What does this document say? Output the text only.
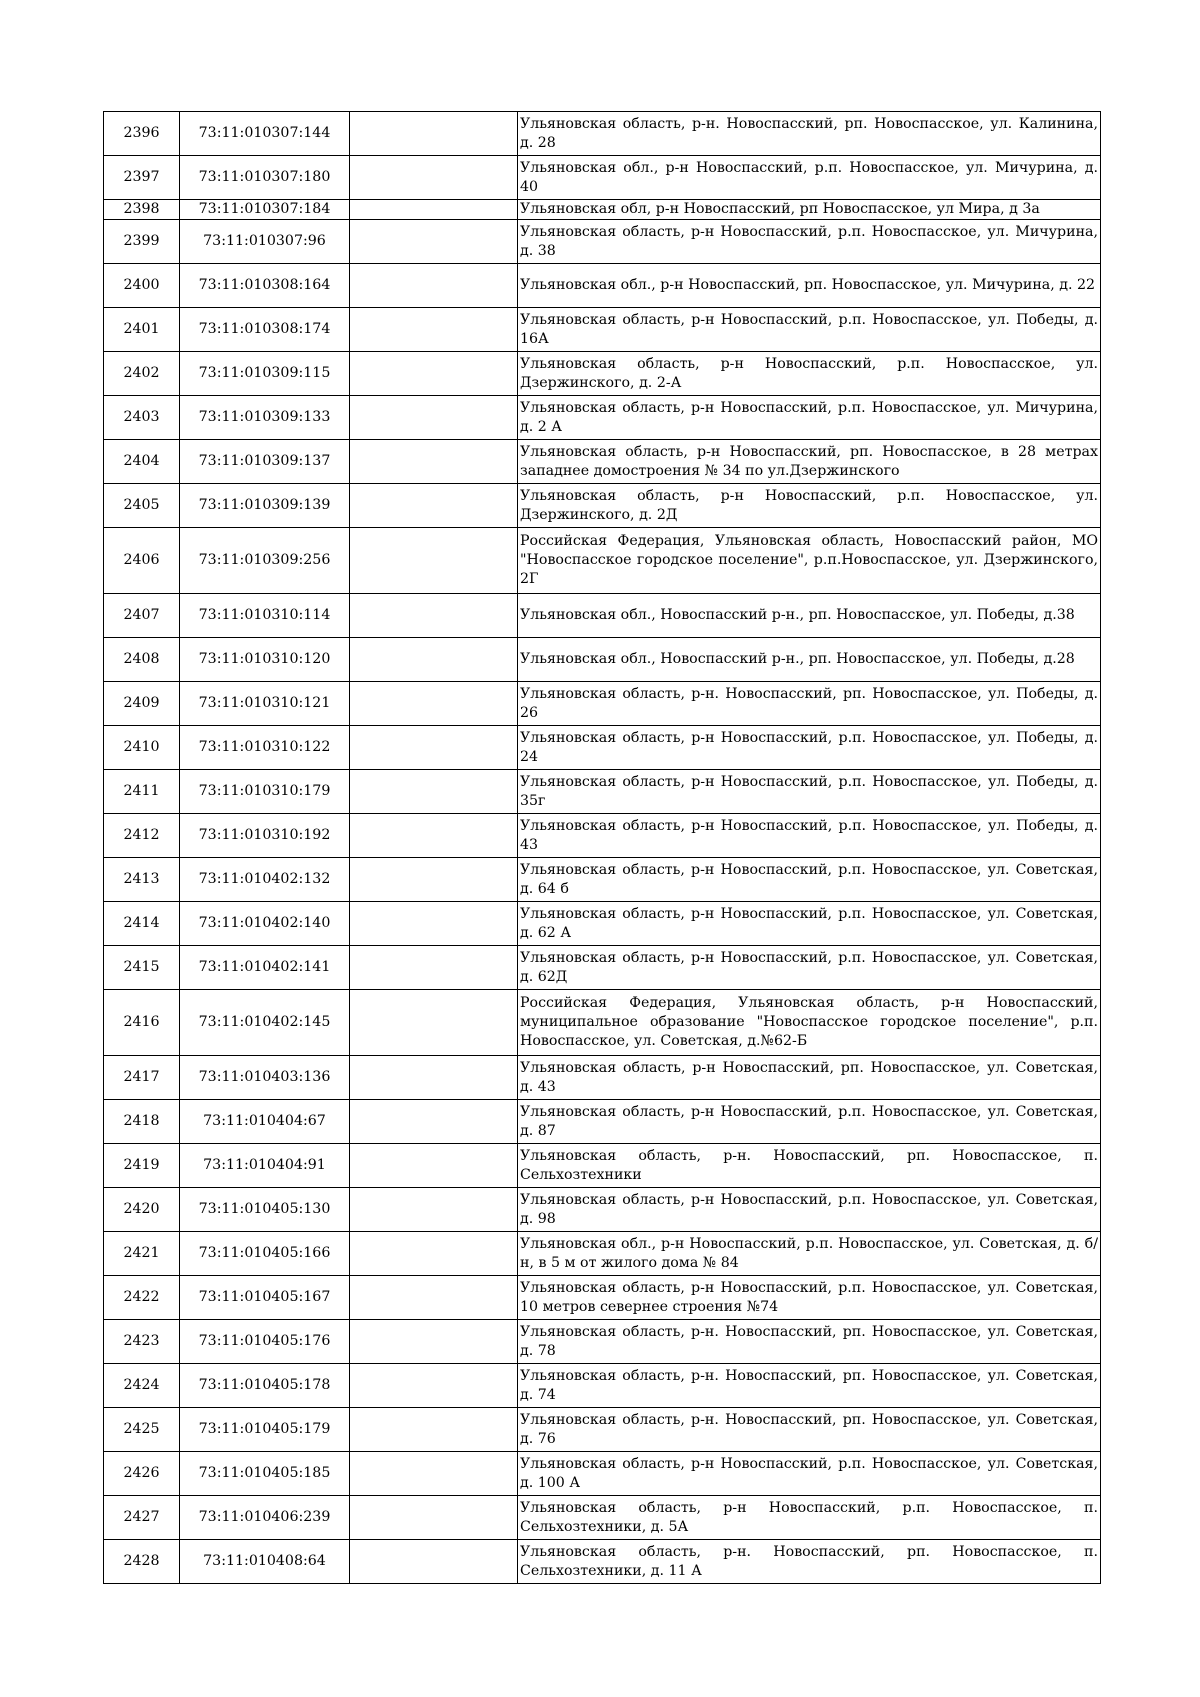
2396	73:11:010307:144		Ульяновская область, р-н. Новоспасский, рп. Новоспасское, ул. Калинина, д. 28
2397	73:11:010307:180		Ульяновская обл., р-н Новоспасский, р.п. Новоспасское, ул. Мичурина, д. 40
2398	73:11:010307:184		Ульяновская обл, р-н Новоспасский, рп Новоспасское, ул Мира, д 3а
2399	73:11:010307:96		Ульяновская область, р-н Новоспасский, р.п. Новоспасское, ул. Мичурина, д. 38
2400	73:11:010308:164		Ульяновская обл., р-н Новоспасский, рп. Новоспасское, ул. Мичурина, д. 22
2401	73:11:010308:174		Ульяновская область, р-н Новоспасский, р.п. Новоспасское, ул. Победы, д. 16А
2402	73:11:010309:115		Ульяновская область, р-н Новоспасский, р.п. Новоспасское, ул. Дзержинского, д. 2-А
2403	73:11:010309:133		Ульяновская область, р-н Новоспасский, р.п. Новоспасское, ул. Мичурина, д. 2 А
2404	73:11:010309:137		Ульяновская область, р-н Новоспасский, рп. Новоспасское, в 28 метрах западнее домостроения № 34 по ул.Дзержинского
2405	73:11:010309:139		Ульяновская область, р-н Новоспасский, р.п. Новоспасское, ул. Дзержинского, д. 2Д
2406	73:11:010309:256		Российская Федерация, Ульяновская область, Новоспасский район, МО "Новоспасское городское поселение", р.п.Новоспасское, ул. Дзержинского, 2Г
2407	73:11:010310:114		Ульяновская обл., Новоспасский р-н., рп. Новоспасское, ул. Победы, д.38
2408	73:11:010310:120		Ульяновская обл., Новоспасский р-н., рп. Новоспасское, ул. Победы, д.28
2409	73:11:010310:121		Ульяновская область, р-н. Новоспасский, рп. Новоспасское, ул. Победы, д. 26
2410	73:11:010310:122		Ульяновская область, р-н Новоспасский, р.п. Новоспасское, ул. Победы, д. 24
2411	73:11:010310:179		Ульяновская область, р-н Новоспасский, р.п. Новоспасское, ул. Победы, д. 35г
2412	73:11:010310:192		Ульяновская область, р-н Новоспасский, р.п. Новоспасское, ул. Победы, д. 43
2413	73:11:010402:132		Ульяновская область, р-н Новоспасский, р.п. Новоспасское, ул. Советская, д. 64 б
2414	73:11:010402:140		Ульяновская область, р-н Новоспасский, р.п. Новоспасское, ул. Советская, д. 62 А
2415	73:11:010402:141		Ульяновская область, р-н Новоспасский, р.п. Новоспасское, ул. Советская, д. 62Д
2416	73:11:010402:145		Российская Федерация, Ульяновская область, р-н Новоспасский, муниципальное образование "Новоспасское городское поселение", р.п. Новоспасское, ул. Советская, д.№62-Б
2417	73:11:010403:136		Ульяновская область, р-н Новоспасский, рп. Новоспасское, ул. Советская, д. 43
2418	73:11:010404:67		Ульяновская область, р-н Новоспасский, р.п. Новоспасское, ул. Советская, д. 87
2419	73:11:010404:91		Ульяновская область, р-н. Новоспасский, рп. Новоспасское, п. Сельхозтехники
2420	73:11:010405:130		Ульяновская область, р-н Новоспасский, р.п. Новоспасское, ул. Советская, д. 98
2421	73:11:010405:166		Ульяновская обл., р-н Новоспасский, р.п. Новоспасское, ул. Советская, д. б/н, в 5 м от жилого дома № 84
2422	73:11:010405:167		Ульяновская область, р-н Новоспасский, р.п. Новоспасское, ул. Советская, 10 метров севернее строения №74
2423	73:11:010405:176		Ульяновская область, р-н. Новоспасский, рп. Новоспасское, ул. Советская, д. 78
2424	73:11:010405:178		Ульяновская область, р-н. Новоспасский, рп. Новоспасское, ул. Советская, д. 74
2425	73:11:010405:179		Ульяновская область, р-н. Новоспасский, рп. Новоспасское, ул. Советская, д. 76
2426	73:11:010405:185		Ульяновская область, р-н Новоспасский, р.п. Новоспасское, ул. Советская, д. 100 А
2427	73:11:010406:239		Ульяновская область, р-н Новоспасский, р.п. Новоспасское, п. Сельхозтехники, д. 5А
2428	73:11:010408:64		Ульяновская область, р-н. Новоспасский, рп. Новоспасское, п. Сельхозтехники, д. 11 А
